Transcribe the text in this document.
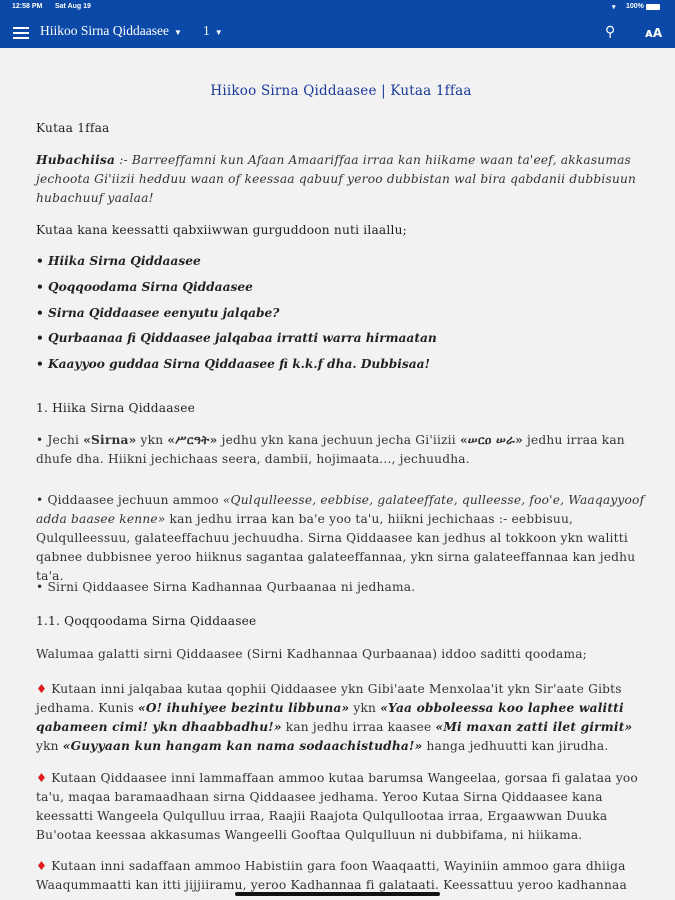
12:58 PM Sat Aug 19	▾ 100%
Hiikoo Sirna Qiddaasee ▼	1 ▼	⚲ ᴀA
Hiikoo Sirna Qiddaasee | Kutaa 1ffaa
Kutaa 1ffaa
Hubachiisa :- Barreeffamni kun Afaan Amaariffaa irraa kan hiikame waan ta'eef, akkasumas jechoota Gi'iizii hedduu waan of keessaa qabuuf yeroo dubbistan wal bira qabdanii dubbisuun hubachuuf yaalaa!
Kutaa kana keessatti qabxiiwwan gurguddoon nuti ilaallu;
• Hiika Sirna Qiddaasee
• Qoqqoodama Sirna Qiddaasee
• Sirna Qiddaasee eenyutu jalqabe?
• Qurbaanaa fi Qiddaasee jalqabaa irratti warra hirmaatan
• Kaayyoo guddaa Sirna Qiddaasee fi k.k.f dha. Dubbisaa!
1. Hiika Sirna Qiddaasee
• Jechi «Sirna» ykn «ሥርዓት» jedhu ykn kana jechuun jecha Gi'iizii «ሠርዐ ሠራ» jedhu irraa kan dhufe dha. Hiikni jechichaas seera, dambii, hojimaata..., jechuudha.
• Qiddaasee jechuun ammoo «Qulqulleesse, eebbise, galateeffate, qulleesse, foo'e, Waaqayyoof adda baasee kenne» kan jedhu irraa kan ba'e yoo ta'u, hiikni jechichaas :- eebbisuu, Qulqulleessuu, galateeffachuu jechuudha. Sirna Qiddaasee kan jedhus al tokkoon ykn walitti qabnee dubbisnee yeroo hiiknus sagantaa galateeffannaa, ykn sirna galateeffannaa kan jedhu ta'a.
• Sirni Qiddaasee Sirna Kadhannaa Qurbaanaa ni jedhama.
1.1. Qoqqoodama Sirna Qiddaasee
Walumaa galatti sirni Qiddaasee (Sirni Kadhannaa Qurbaanaa) iddoo saditti qoodama;
♦ Kutaan inni jalqabaa kutaa qophii Qiddaasee ykn Gibi'aate Menxolaa'it ykn Sir'aate Gibts jedhama. Kunis «O! ihuhiyee bezintu libbuna» ykn «Yaa obboleessa koo laphee walitti qabameen cimi! ykn dhaabbadhu!» kan jedhu irraa kaasee «Mi maxan zatti ilet girmit» ykn «Guyyaan kun hangam kan nama sodaachistudha!» hanga jedhuutti kan jirudha.
♦ Kutaan Qiddaasee inni lammaffaan ammoo kutaa barumsa Wangeelaa, gorsaa fi galataa yoo ta'u, maqaa baramaadhaan sirna Qiddaasee jedhama. Yeroo Kutaa Sirna Qiddaasee kana keessatti Wangeela Qulqulluu irraa, Raajii Raajota Qulqullootaa irraa, Ergaawwan Duuka Bu'ootaa keessaa akkasumas Wangeelli Gooftaa Qulqulluun ni dubbifama, ni hiikama.
♦ Kutaan inni sadaffaan ammoo Habistiin gara foon Waaqaatti, Wayiniin ammoo gara dhiiga Waaqummaatti kan itti jijjiiramu, yeroo Kadhannaa fi galataati. Keessattuu yeroo kadhannaa
